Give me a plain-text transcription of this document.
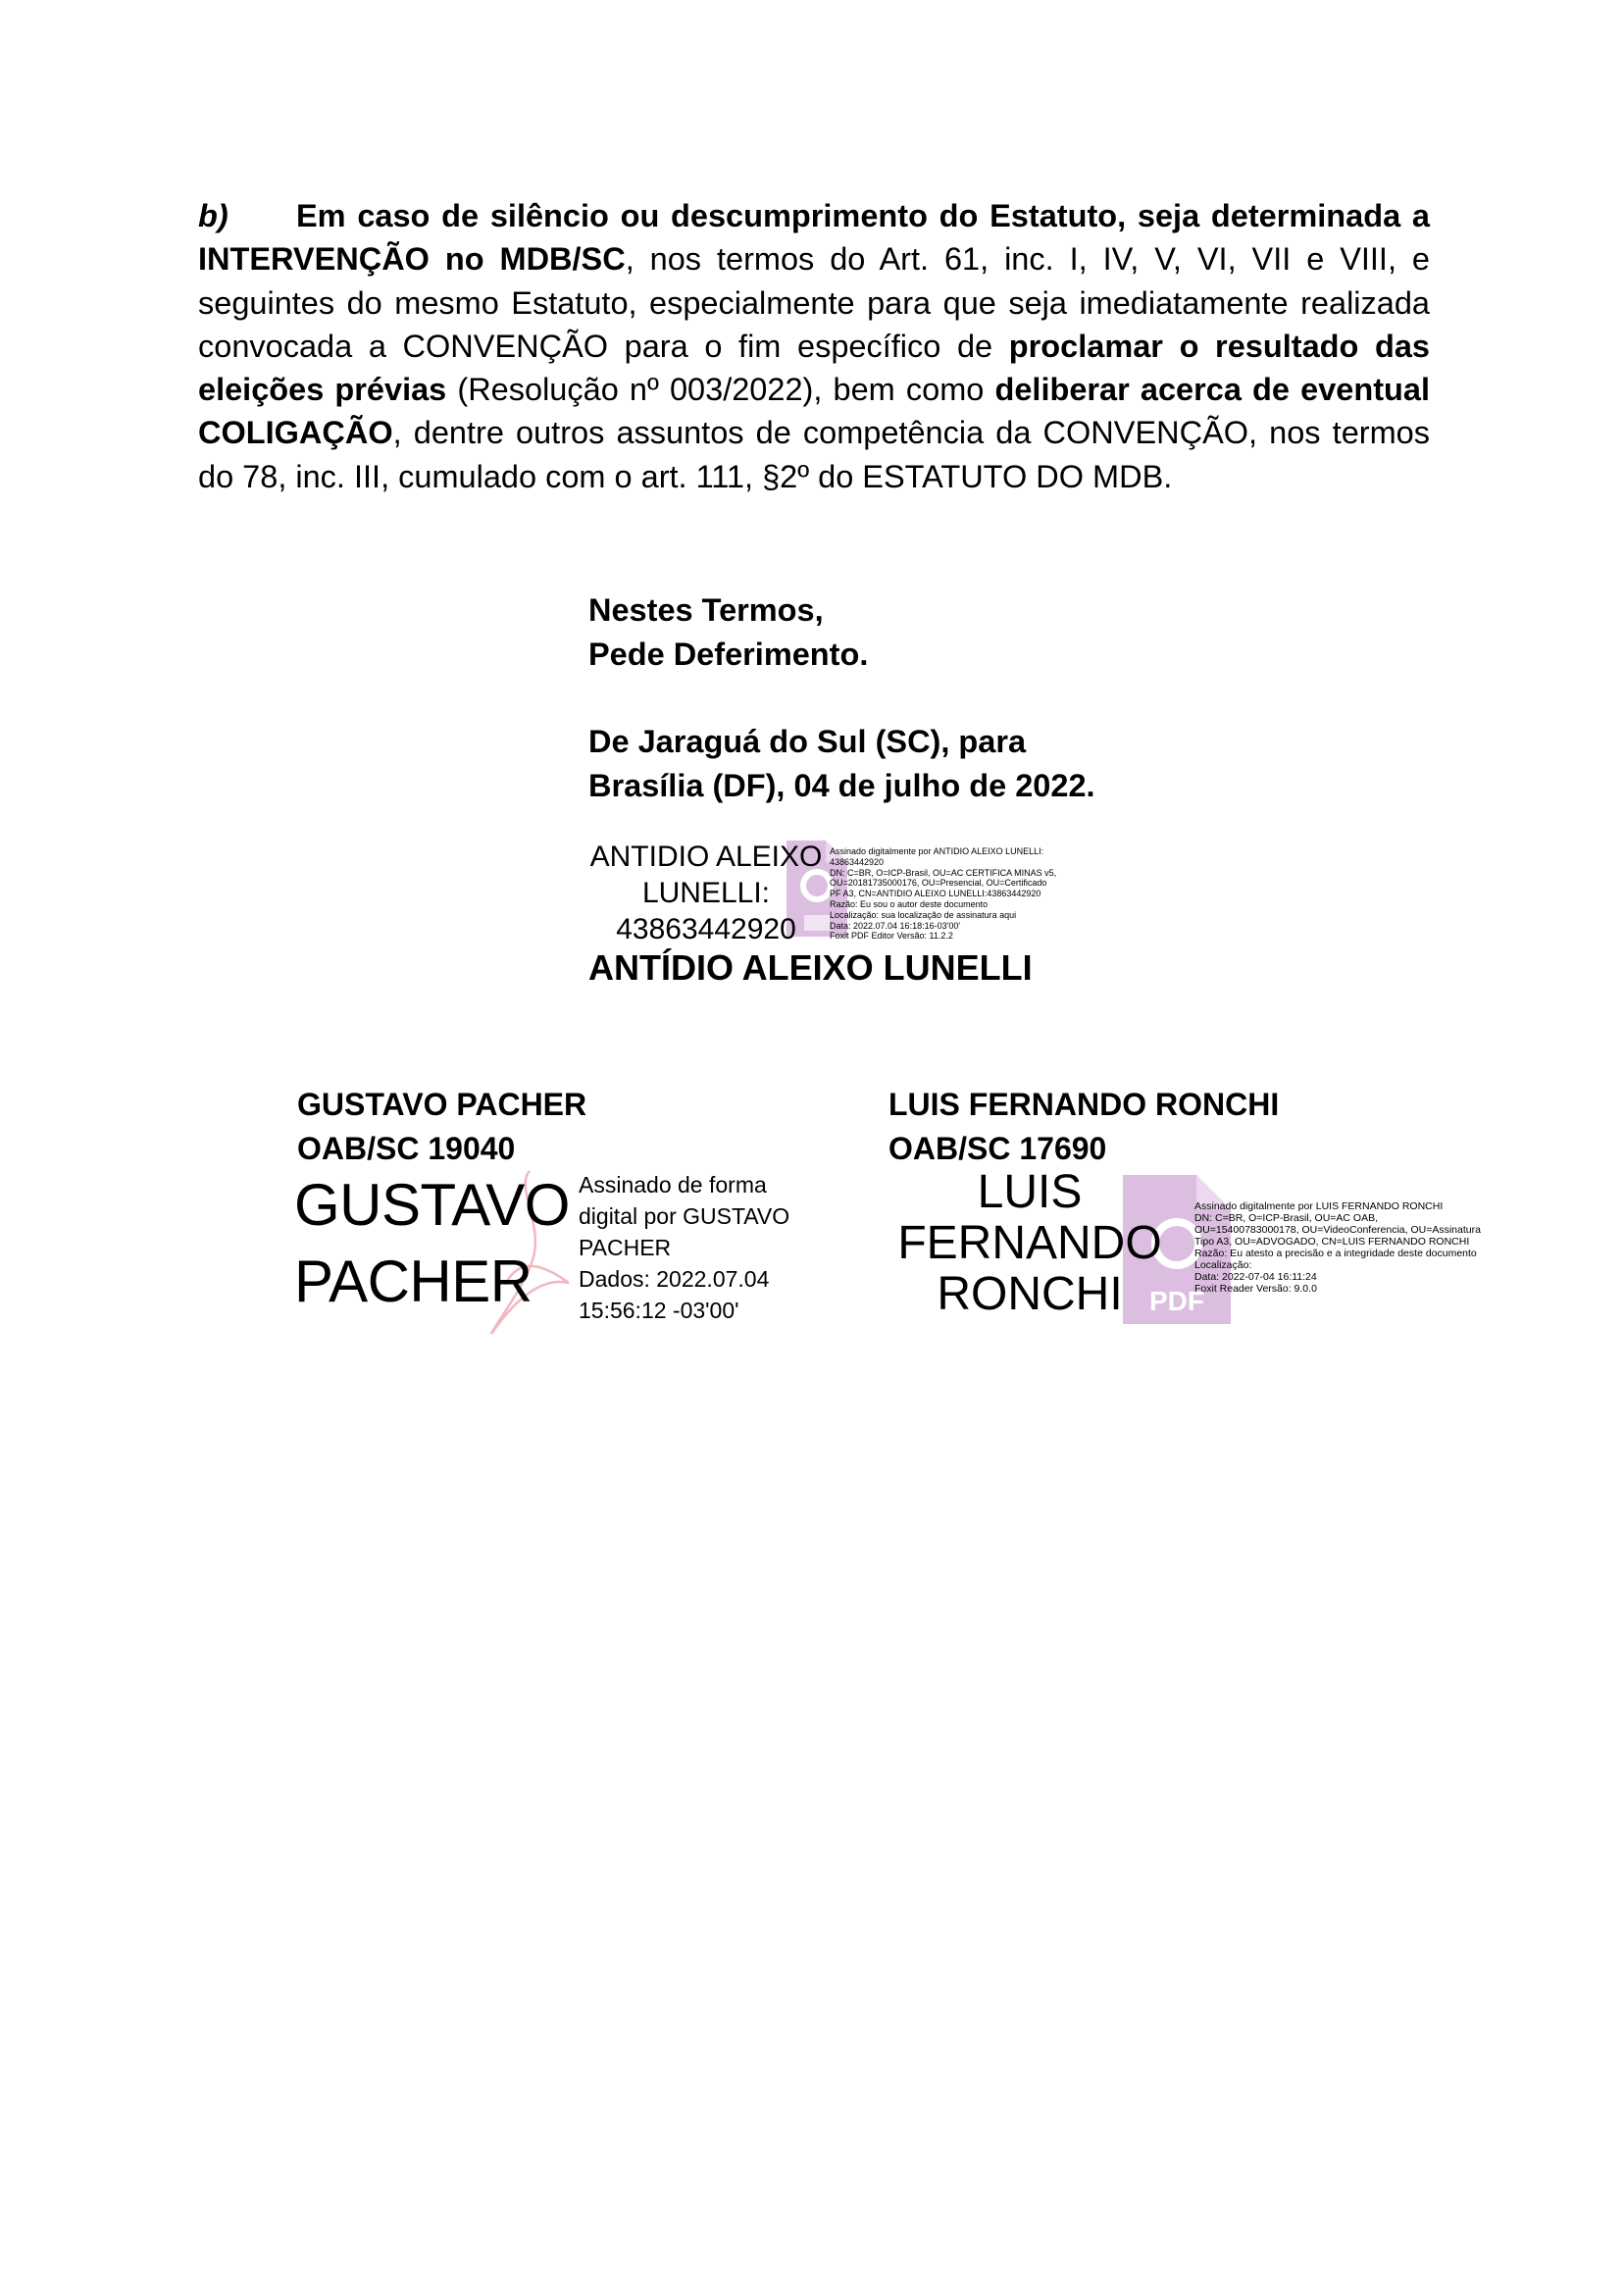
b) Em caso de silêncio ou descumprimento do Estatuto, seja determinada a INTERVENÇÃO no MDB/SC, nos termos do Art. 61, inc. I, IV, V, VI, VII e VIII, e seguintes do mesmo Estatuto, especialmente para que seja imediatamente realizada convocada a CONVENÇÃO para o fim específico de proclamar o resultado das eleições prévias (Resolução nº 003/2022), bem como deliberar acerca de eventual COLIGAÇÃO, dentre outros assuntos de competência da CONVENÇÃO, nos termos do 78, inc. III, cumulado com o art. 111, §2º do ESTATUTO DO MDB.
Nestes Termos,
Pede Deferimento.
De Jaraguá do Sul (SC), para
Brasília (DF), 04 de julho de 2022.
ANTIDIO ALEIXO
LUNELLI:
43863442920
Assinado digitalmente por ANTIDIO ALEIXO LUNELLI:
43863442920
DN: C=BR, O=ICP-Brasil, OU=AC CERTIFICA MINAS v5,
OU=20181735000176, OU=Presencial, OU=Certificado
PF A3, CN=ANTIDIO ALEIXO LUNELLI:43863442920
Razão: Eu sou o autor deste documento
Localização: sua localização de assinatura aqui
Data: 2022.07.04 16:18:16-03'00'
Foxit PDF Editor Versão: 11.2.2
ANTÍDIO ALEIXO LUNELLI
GUSTAVO PACHER
OAB/SC 19040
GUSTAVO
PACHER
Assinado de forma
digital por GUSTAVO
PACHER
Dados: 2022.07.04
15:56:12 -03'00'
LUIS FERNANDO RONCHI
OAB/SC 17690
PDF
LUIS
FERNANDO
RONCHI
Assinado digitalmente por LUIS FERNANDO RONCHI
DN: C=BR, O=ICP-Brasil, OU=AC OAB,
OU=15400783000178, OU=VideoConferencia, OU=Assinatura
Tipo A3, OU=ADVOGADO, CN=LUIS FERNANDO RONCHI
Razão: Eu atesto a precisão e a integridade deste documento
Localização:
Data: 2022-07-04 16:11:24
Foxit Reader Versão: 9.0.0
